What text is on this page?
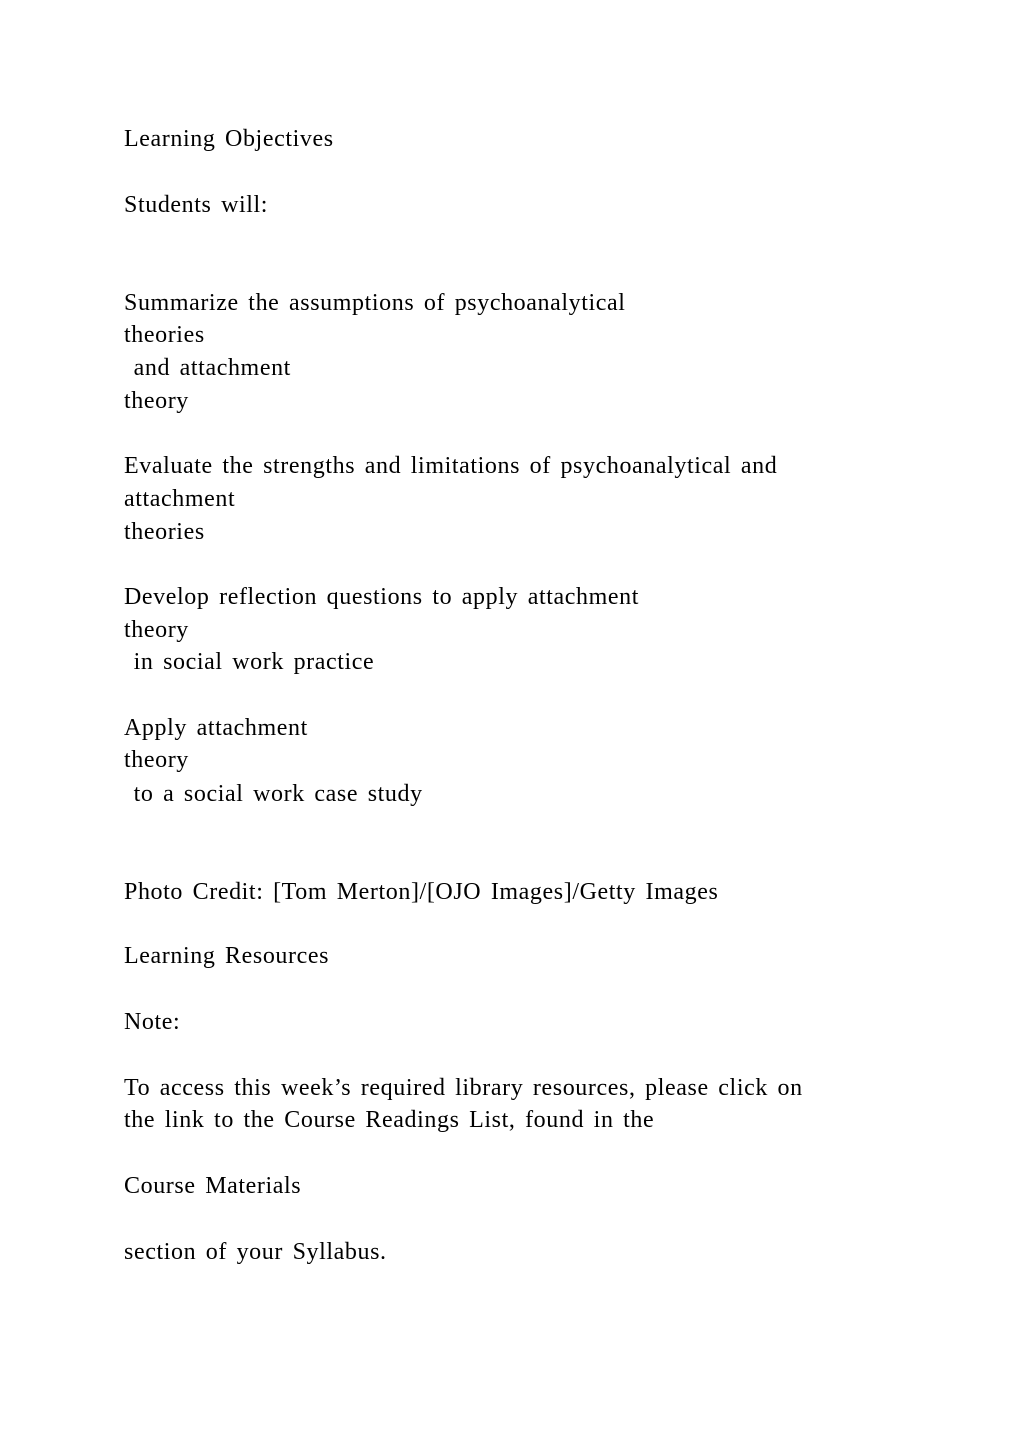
Learning Objectives
Students will:
Summarize the assumptions of psychoanalytical
theories
and attachment
theory
Evaluate the strengths and limitations of psychoanalytical and
attachment
theories
Develop reflection questions to apply attachment
theory
in social work practice
Apply attachment
theory
to a social work case study
Photo Credit: [Tom Merton]/[OJO Images]/Getty Images
Learning Resources
Note:
To access this week’s required library resources, please click on
the link to the Course Readings List, found in the
Course Materials
section of your Syllabus.
